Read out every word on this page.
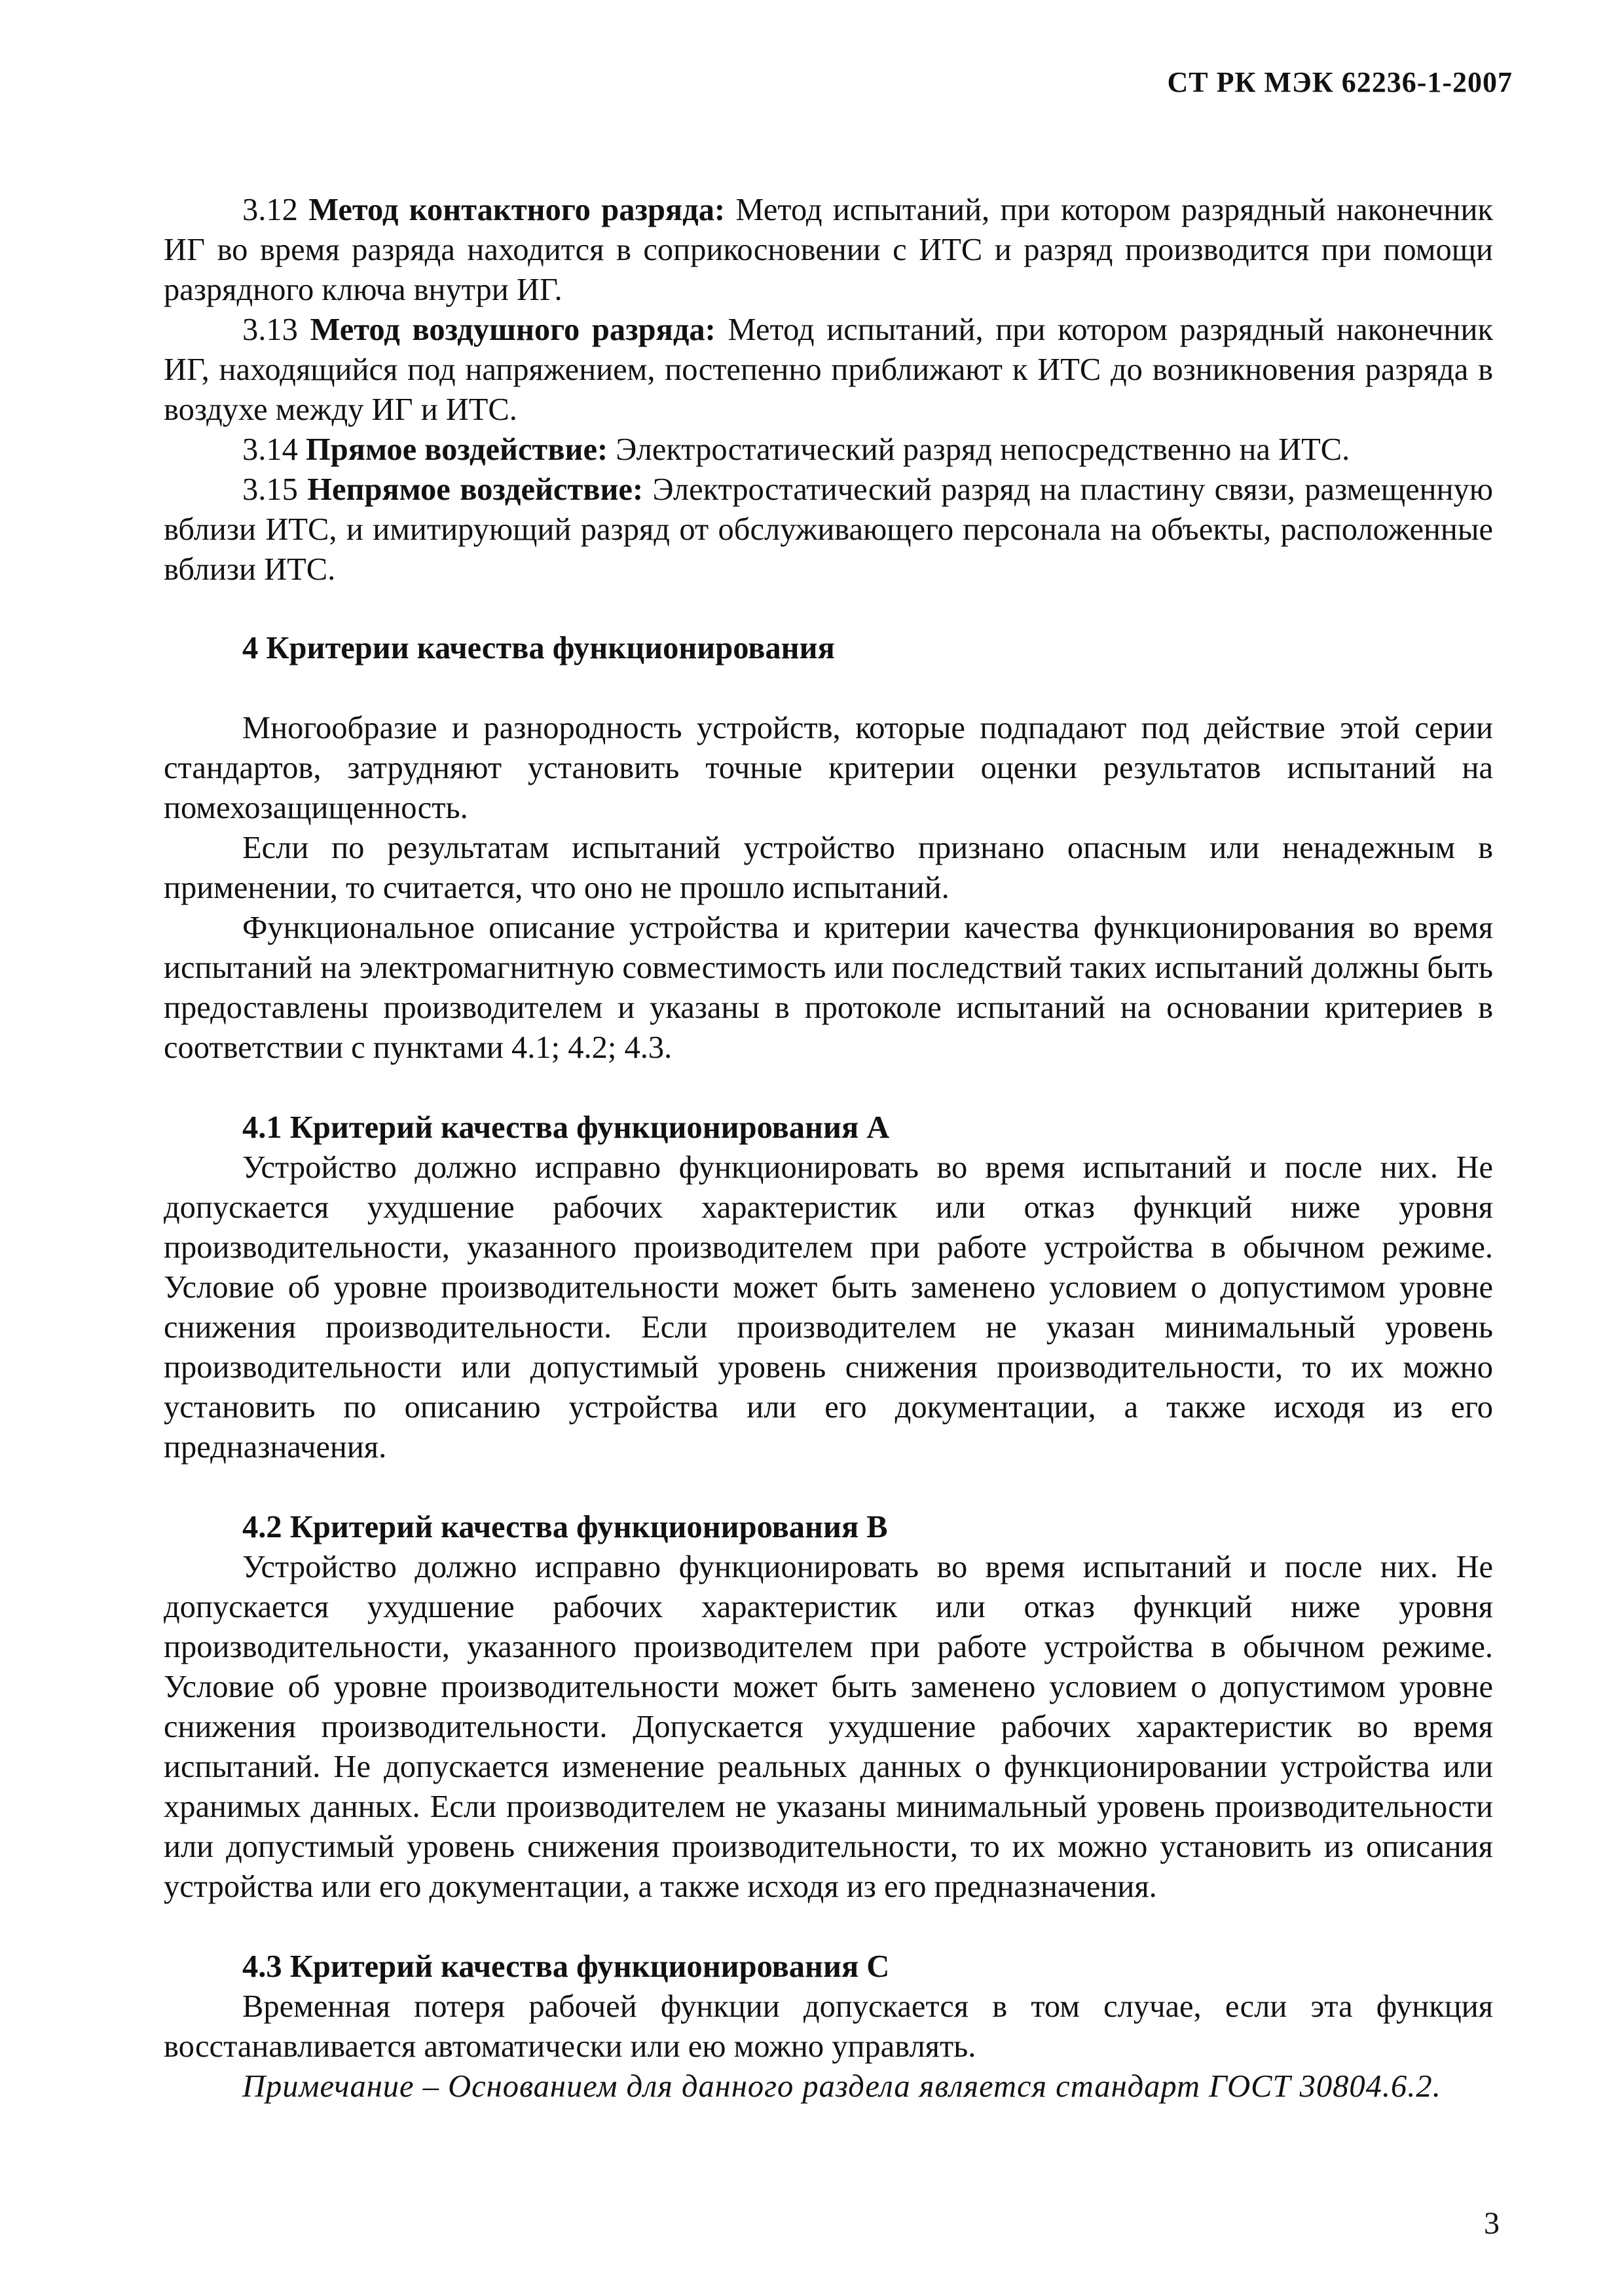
СТ РК МЭК 62236-1-2007

3.12 Метод контактного разряда: Метод испытаний, при котором разрядный наконечник ИГ во время разряда находится в соприкосновении с ИТС и разряд производится при помощи разрядного ключа внутри ИГ.

3.13 Метод воздушного разряда: Метод испытаний, при котором разрядный наконечник ИГ, находящийся под напряжением, постепенно приближают к ИТС до возникновения разряда в воздухе между ИГ и ИТС.

3.14 Прямое воздействие: Электростатический разряд непосредственно на ИТС.

3.15 Непрямое воздействие: Электростатический разряд на пластину связи, размещенную вблизи ИТС, и имитирующий разряд от обслуживающего персонала на объекты, расположенные вблизи ИТС.

4 Критерии качества функционирования

Многообразие и разнородность устройств, которые подпадают под действие этой серии стандартов, затрудняют установить точные критерии оценки результатов испытаний на помехозащищенность.

Если по результатам испытаний устройство признано опасным или ненадежным в применении, то считается, что оно не прошло испытаний.

Функциональное описание устройства и критерии качества функционирования во время испытаний на электромагнитную совместимость или последствий таких испытаний должны быть предоставлены производителем и указаны в протоколе испытаний на основании критериев в соответствии с пунктами 4.1; 4.2; 4.3.

4.1 Критерий качества функционирования А

Устройство должно исправно функционировать во время испытаний и после них. Не допускается ухудшение рабочих характеристик или отказ функций ниже уровня производительности, указанного производителем при работе устройства в обычном режиме. Условие об уровне производительности может быть заменено условием о допустимом уровне снижения производительности. Если производителем не указан минимальный уровень производительности или допустимый уровень снижения производительности, то их можно установить по описанию устройства или его документации, а также исходя из его предназначения.

4.2 Критерий качества функционирования В

Устройство должно исправно функционировать во время испытаний и после них. Не допускается ухудшение рабочих характеристик или отказ функций ниже уровня производительности, указанного производителем при работе устройства в обычном режиме. Условие об уровне производительности может быть заменено условием о допустимом уровне снижения производительности. Допускается ухудшение рабочих характеристик во время испытаний. Не допускается изменение реальных данных о функционировании устройства или хранимых данных. Если производителем не указаны минимальный уровень производительности или допустимый уровень снижения производительности, то их можно установить из описания устройства или его документации, а также исходя из его предназначения.

4.3 Критерий качества функционирования С

Временная потеря рабочей функции допускается в том случае, если эта функция восстанавливается автоматически или ею можно управлять.

Примечание – Основанием для данного раздела является стандарт ГОСТ 30804.6.2.
3
